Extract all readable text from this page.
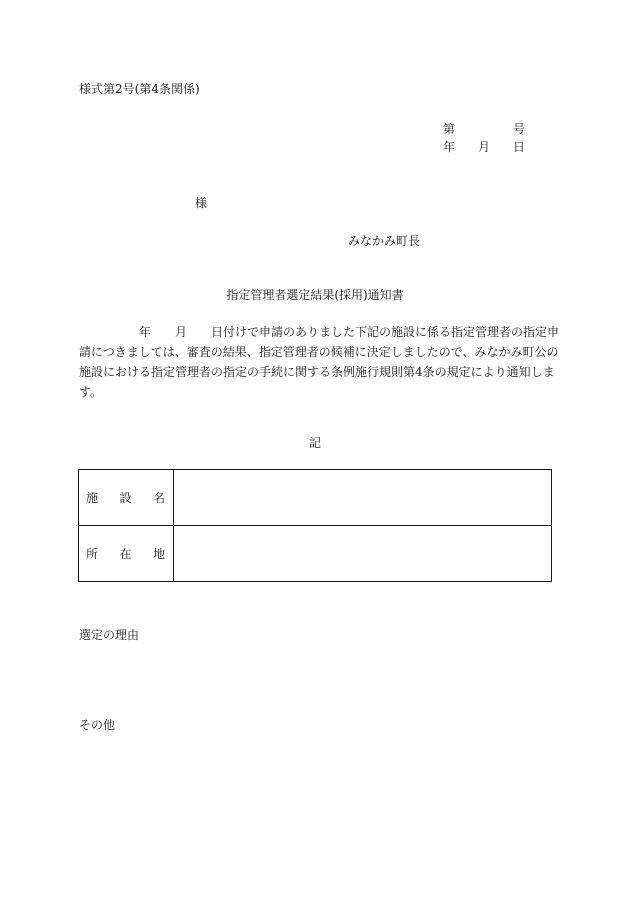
様式第2号(第4条関係)
第	号
年 月 日
様
みなかみ町長
指定管理者選定結果(採用)通知書
　　　　　年　　月　　日付けで申請のありました下記の施設に係る指定管理者の指定申
請につきましては、審査の結果、指定管理者の候補に決定しましたので、みなかみ町公の
施設における指定管理者の指定の手続に関する条例施行規則第4条の規定により通知しま
す。
記
施 設 名	

所 在 地	

選定の理由
その他
